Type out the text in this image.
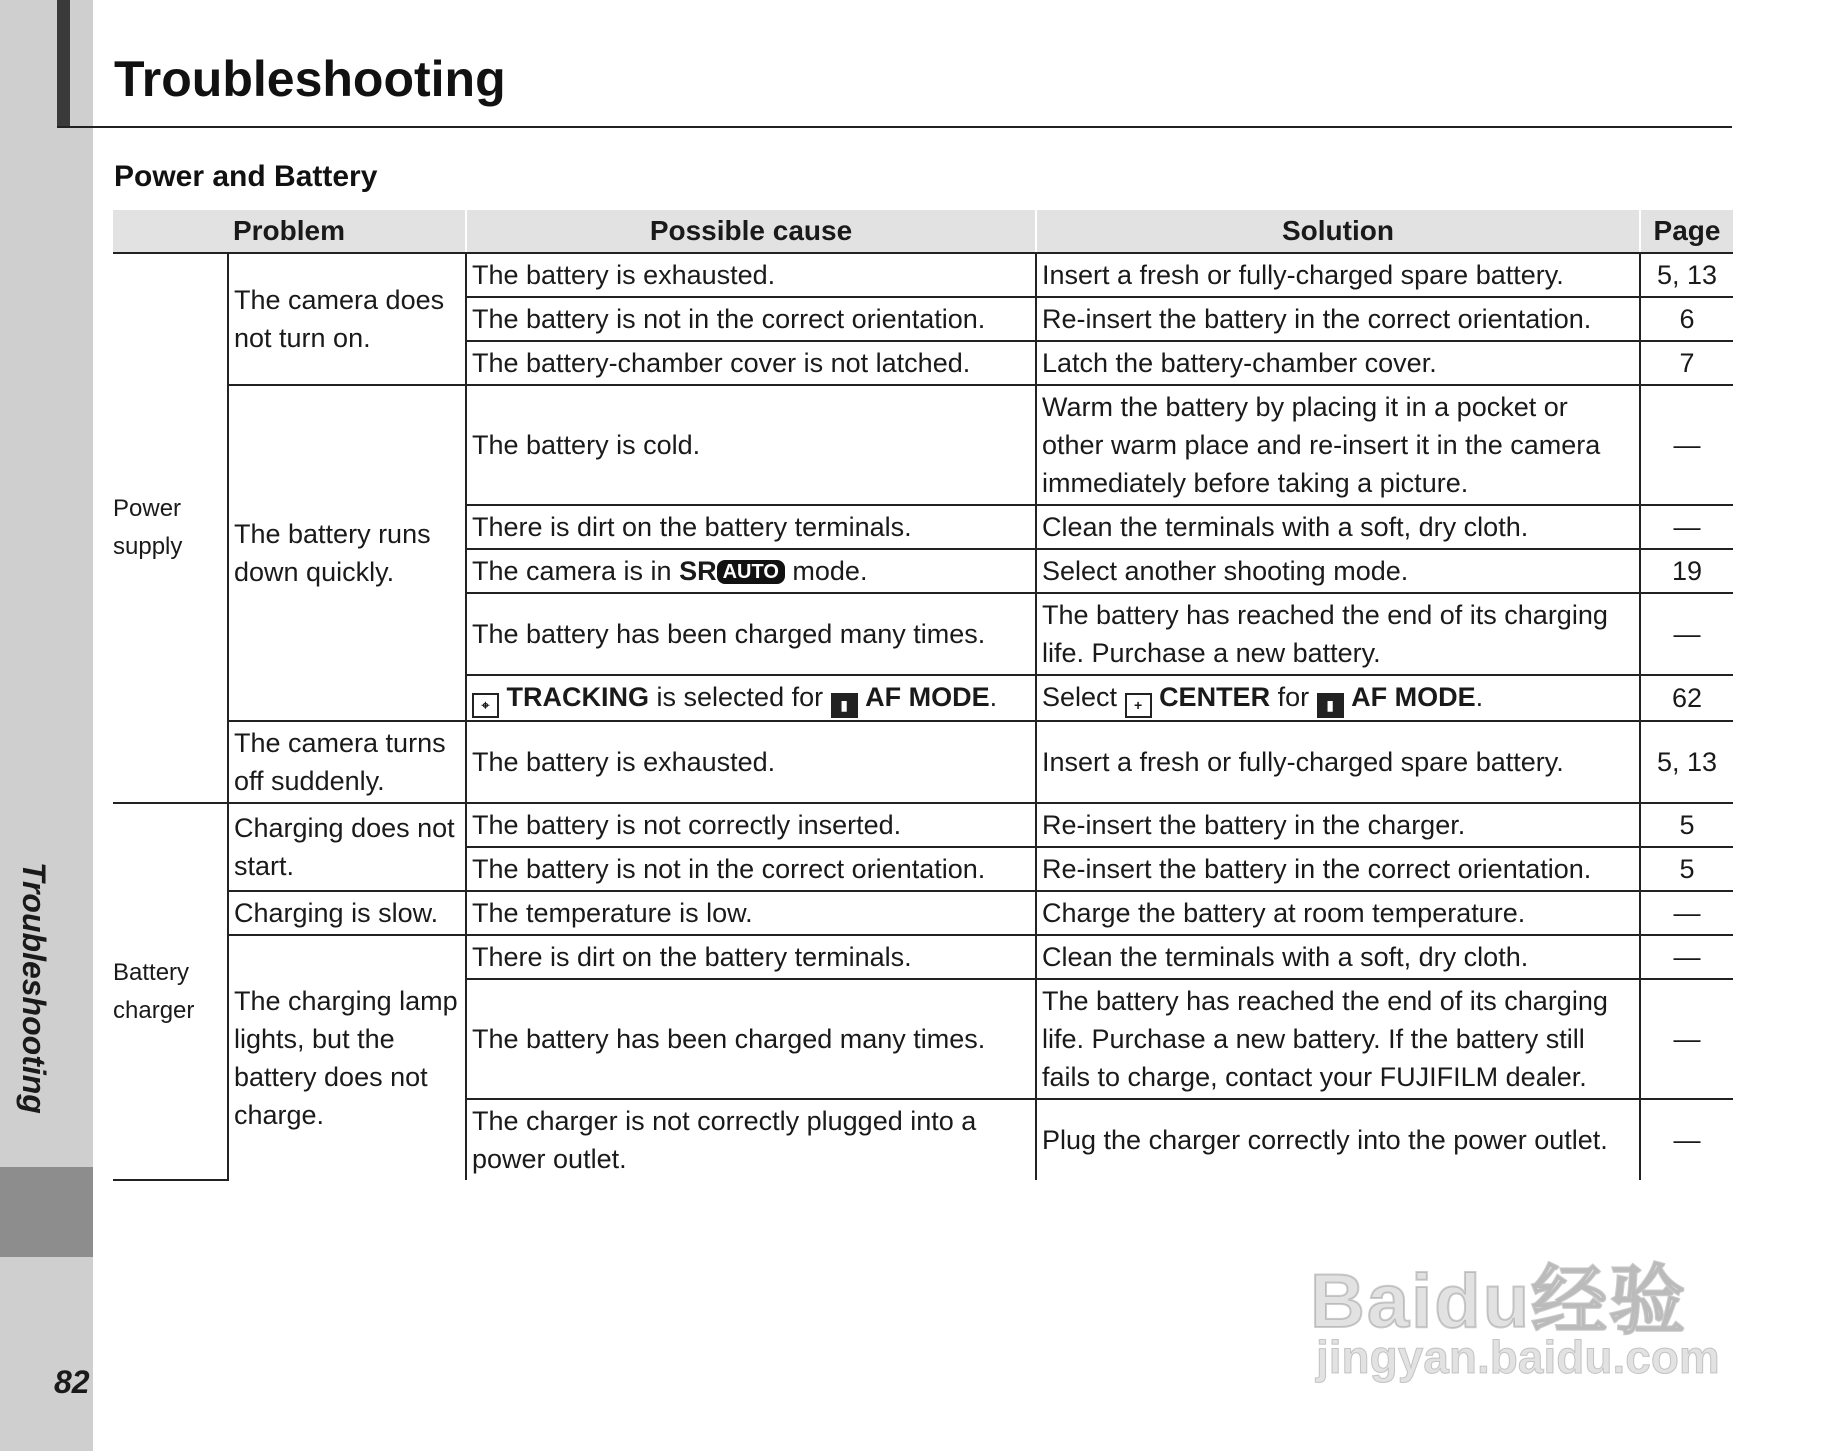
Troubleshooting
82
Troubleshooting
Power and Battery
Problem		Possible cause	Solution	Page
Power
supply	The camera does not turn on.	The battery is exhausted.	Insert a fresh or fully-charged spare battery.	5, 13
		The battery is not in the correct orientation.	Re-insert the battery in the correct orientation.	6
		The battery-chamber cover is not latched.	Latch the battery-chamber cover.	7
	The battery runs down quickly.	The battery is cold.	Warm the battery by placing it in a pocket or other warm place and re-insert it in the camera immediately before taking a picture.	—
		There is dirt on the battery terminals.	Clean the terminals with a soft, dry cloth.	—
		The camera is in SR AUTO mode.	Select another shooting mode.	19
		The battery has been charged many times.	The battery has reached the end of its charging life. Purchase a new battery.	—
		⌖ TRACKING is selected for ▮ AF MODE.	Select + CENTER for ▮ AF MODE.	62
	The camera turns off suddenly.	The battery is exhausted.	Insert a fresh or fully-charged spare battery.	5, 13
Battery
charger	Charging does not start.	The battery is not correctly inserted.	Re-insert the battery in the charger.	5
		The battery is not in the correct orientation.	Re-insert the battery in the correct orientation.	5
	Charging is slow.	The temperature is low.	Charge the battery at room temperature.	—
	The charging lamp lights, but the battery does not charge.	There is dirt on the battery terminals.	Clean the terminals with a soft, dry cloth.	—
		The battery has been charged many times.	The battery has reached the end of its charging life. Purchase a new battery. If the battery still fails to charge, contact your FUJIFILM dealer.	—
		The charger is not correctly plugged into a power outlet.	Plug the charger correctly into the power outlet.	—
Baidu经验
jingyan.baidu.com
